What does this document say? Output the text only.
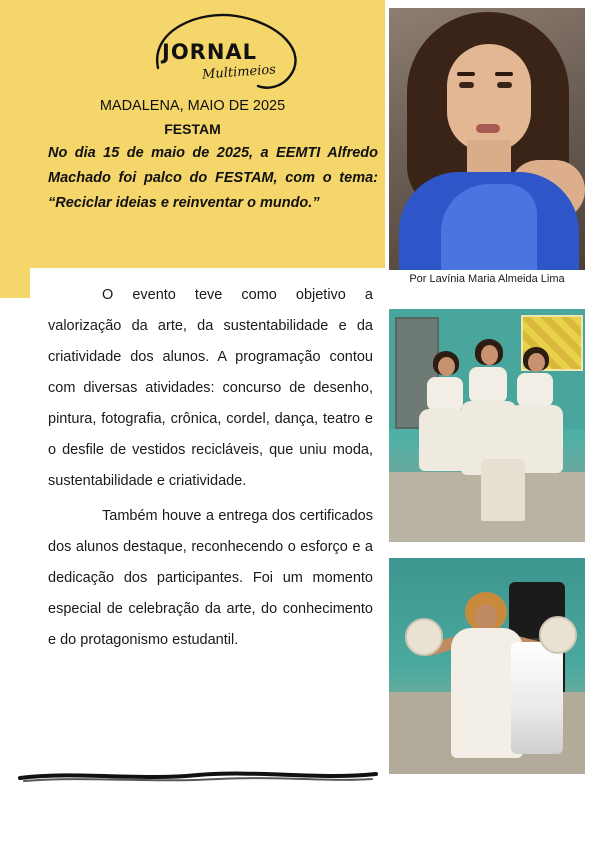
JORNAL
Multimeios
MADALENA, MAIO DE 2025
FESTAM
No dia 15 de maio de 2025, a EEMTI Alfredo Machado foi palco do FESTAM, com o tema: “Reciclar ideias e reinventar o mundo.”

O evento teve como objetivo a valorização da arte, da sustentabilidade e da criatividade dos alunos. A programação contou com diversas atividades: concurso de desenho, pintura, fotografia, crônica, cordel, dança, teatro e o desfile de vestidos recicláveis, que uniu moda, sustentabilidade e criatividade.

Também houve a entrega dos certificados dos alunos destaque, reconhecendo o esforço e a dedicação dos participantes. Foi um momento especial de celebração da arte, do conhecimento e do protagonismo estudantil.

Por Lavínia Maria Almeida Lima
